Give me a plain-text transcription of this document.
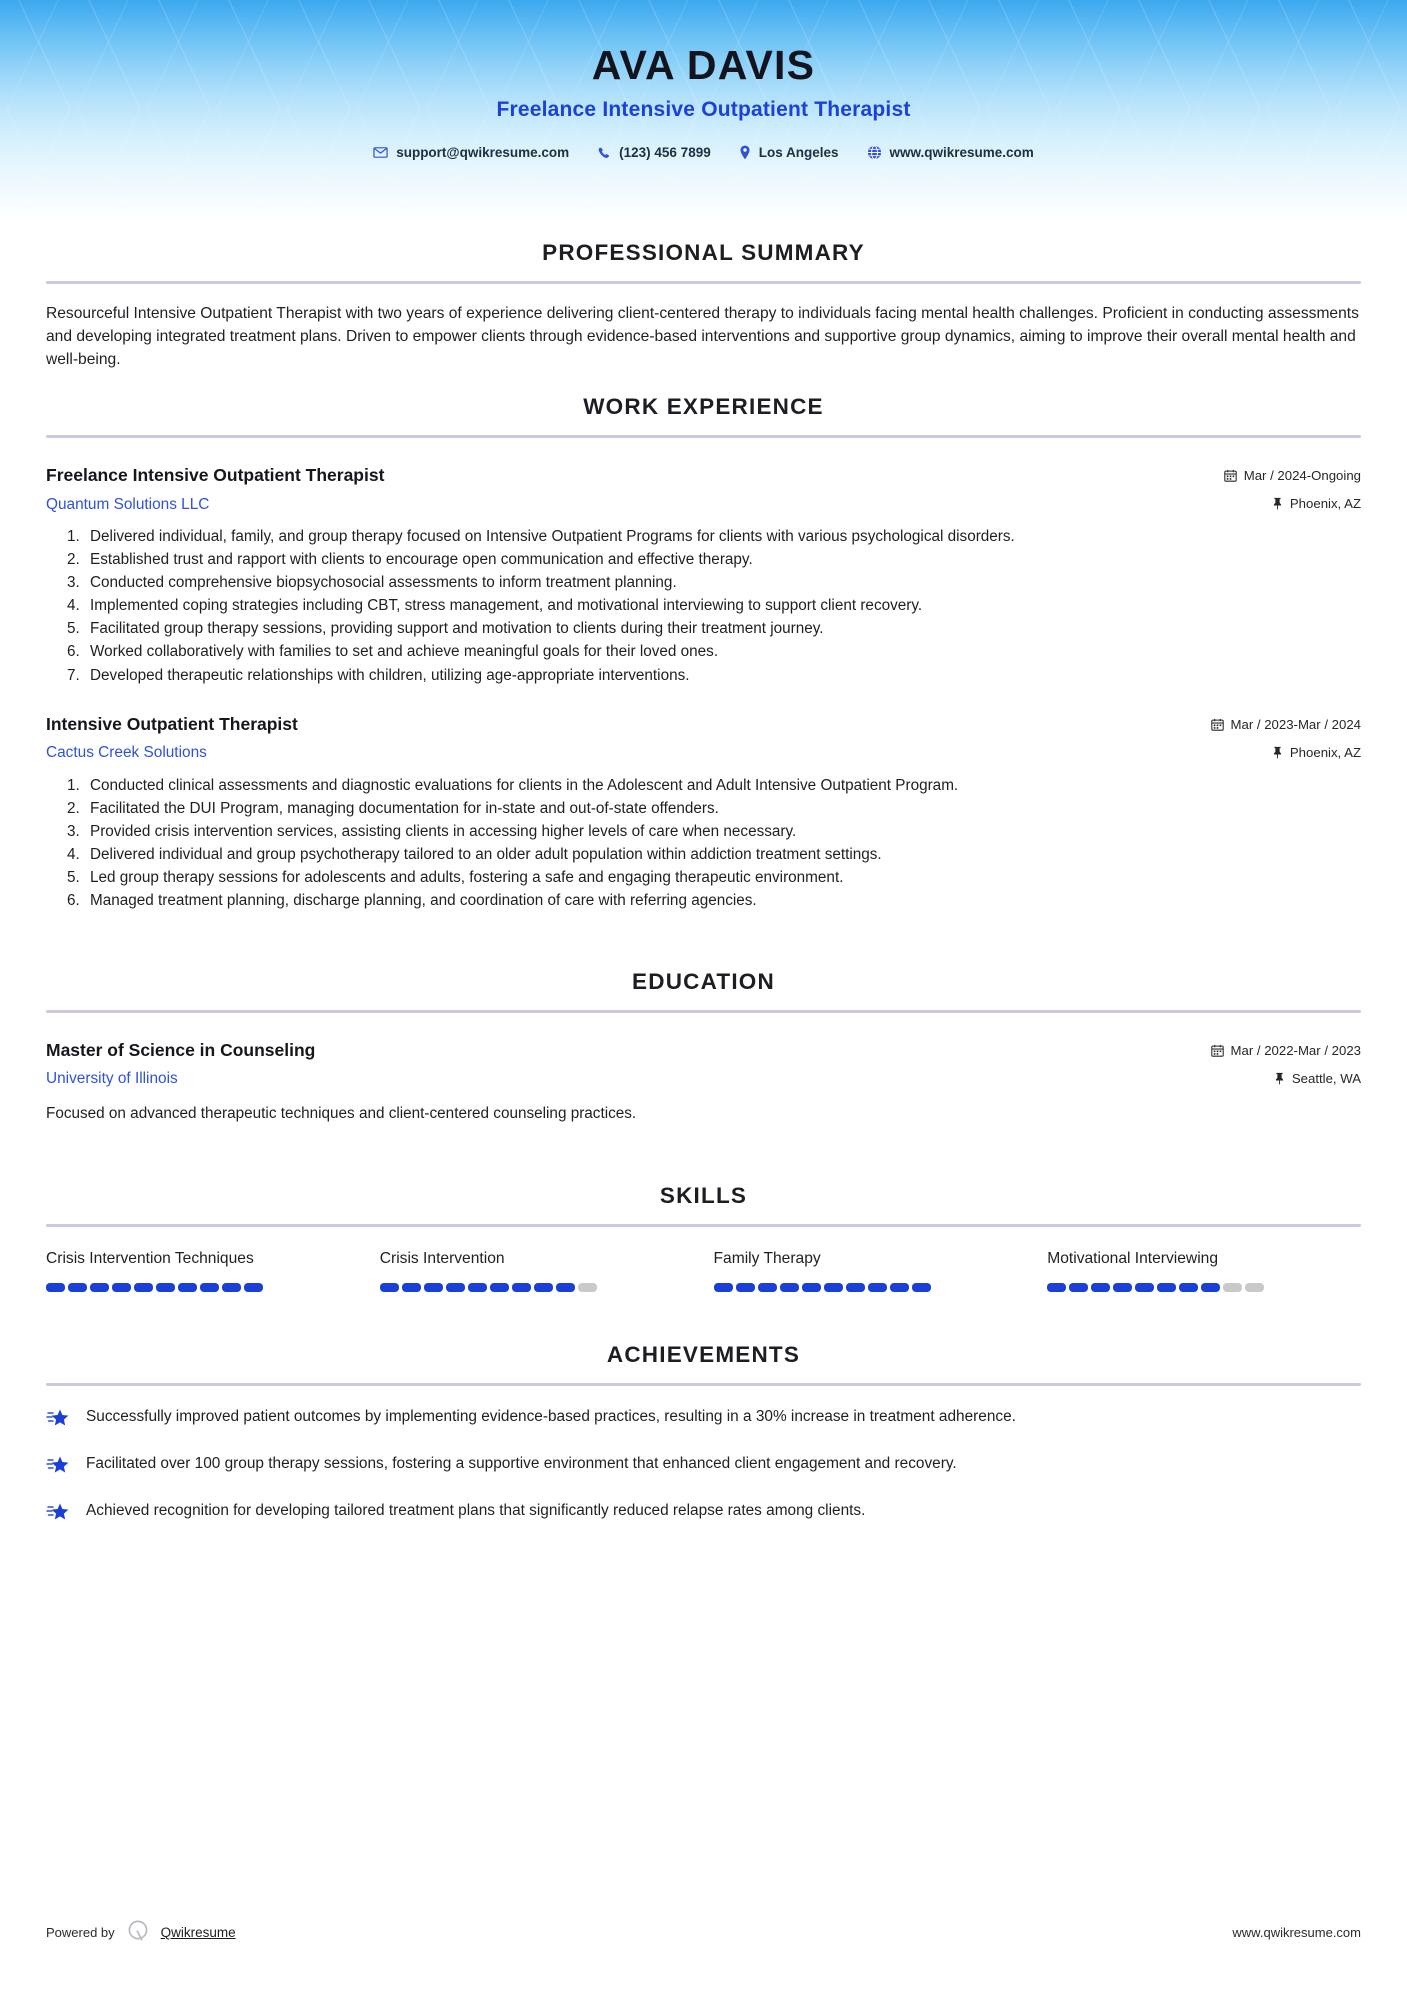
AVA DAVIS
Freelance Intensive Outpatient Therapist
support@qwikresume.com	(123) 456 7899	Los Angeles	www.qwikresume.com
PROFESSIONAL SUMMARY

Resourceful Intensive Outpatient Therapist with two years of experience delivering client-centered therapy to individuals facing mental health challenges. Proficient in conducting assessments and developing integrated treatment plans. Driven to empower clients through evidence-based interventions and supportive group dynamics, aiming to improve their overall mental health and well-being.

WORK EXPERIENCE
Freelance Intensive Outpatient Therapist
Quantum Solutions LLC
Mar / 2024-Ongoing
Phoenix, AZ
1. Delivered individual, family, and group therapy focused on Intensive Outpatient Programs for clients with various psychological disorders.
2. Established trust and rapport with clients to encourage open communication and effective therapy.
3. Conducted comprehensive biopsychosocial assessments to inform treatment planning.
4. Implemented coping strategies including CBT, stress management, and motivational interviewing to support client recovery.
5. Facilitated group therapy sessions, providing support and motivation to clients during their treatment journey.
6. Worked collaboratively with families to set and achieve meaningful goals for their loved ones.
7. Developed therapeutic relationships with children, utilizing age-appropriate interventions.
Intensive Outpatient Therapist
Cactus Creek Solutions
Mar / 2023-Mar / 2024
Phoenix, AZ
1. Conducted clinical assessments and diagnostic evaluations for clients in the Adolescent and Adult Intensive Outpatient Program.
2. Facilitated the DUI Program, managing documentation for in-state and out-of-state offenders.
3. Provided crisis intervention services, assisting clients in accessing higher levels of care when necessary.
4. Delivered individual and group psychotherapy tailored to an older adult population within addiction treatment settings.
5. Led group therapy sessions for adolescents and adults, fostering a safe and engaging therapeutic environment.
6. Managed treatment planning, discharge planning, and coordination of care with referring agencies.
EDUCATION
Master of Science in Counseling
University of Illinois
Mar / 2022-Mar / 2023
Seattle, WA
Focused on advanced therapeutic techniques and client-centered counseling practices.
SKILLS
Crisis Intervention Techniques	Crisis Intervention	Family Therapy	Motivational Interviewing
ACHIEVEMENTS
Successfully improved patient outcomes by implementing evidence-based practices, resulting in a 30% increase in treatment adherence.
Facilitated over 100 group therapy sessions, fostering a supportive environment that enhanced client engagement and recovery.
Achieved recognition for developing tailored treatment plans that significantly reduced relapse rates among clients.
Powered by	Qwikresume	www.qwikresume.com
